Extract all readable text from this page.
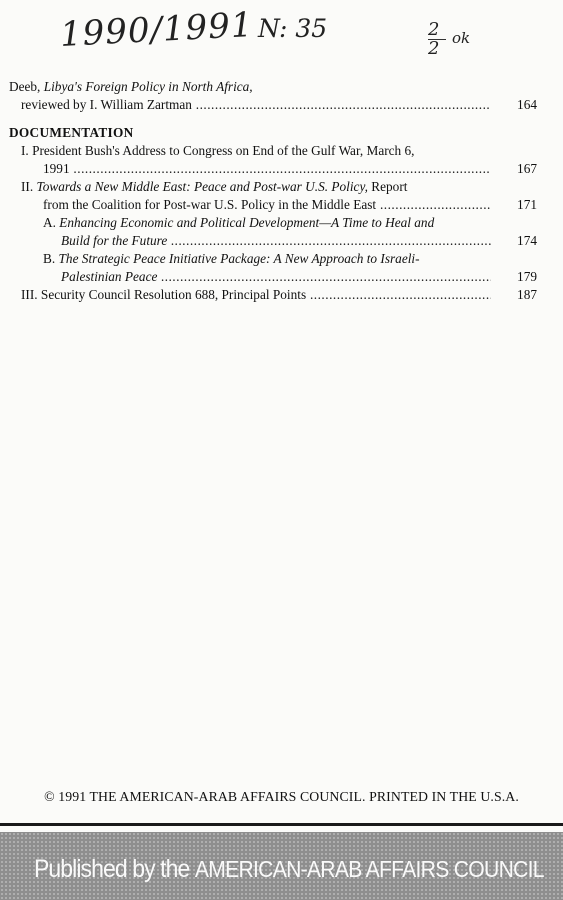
1990/1991 N: 35	2
2 ok
Deeb, Libya's Foreign Policy in North Africa,
reviewed by I. William Zartman .....	164
DOCUMENTATION
I. President Bush's Address to Congress on End of the Gulf War, March 6,
1991 .....	167
II. Towards a New Middle East: Peace and Post-war U.S. Policy, Report
from the Coalition for Post-war U.S. Policy in the Middle East .....	171
A. Enhancing Economic and Political Development—A Time to Heal and
Build for the Future .....	174
B. The Strategic Peace Initiative Package: A New Approach to Israeli-
Palestinian Peace .....	179
III. Security Council Resolution 688, Principal Points .....	187
© 1991 THE AMERICAN-ARAB AFFAIRS COUNCIL. PRINTED IN THE U.S.A.
Published by the AMERICAN-ARAB AFFAIRS COUNCIL
